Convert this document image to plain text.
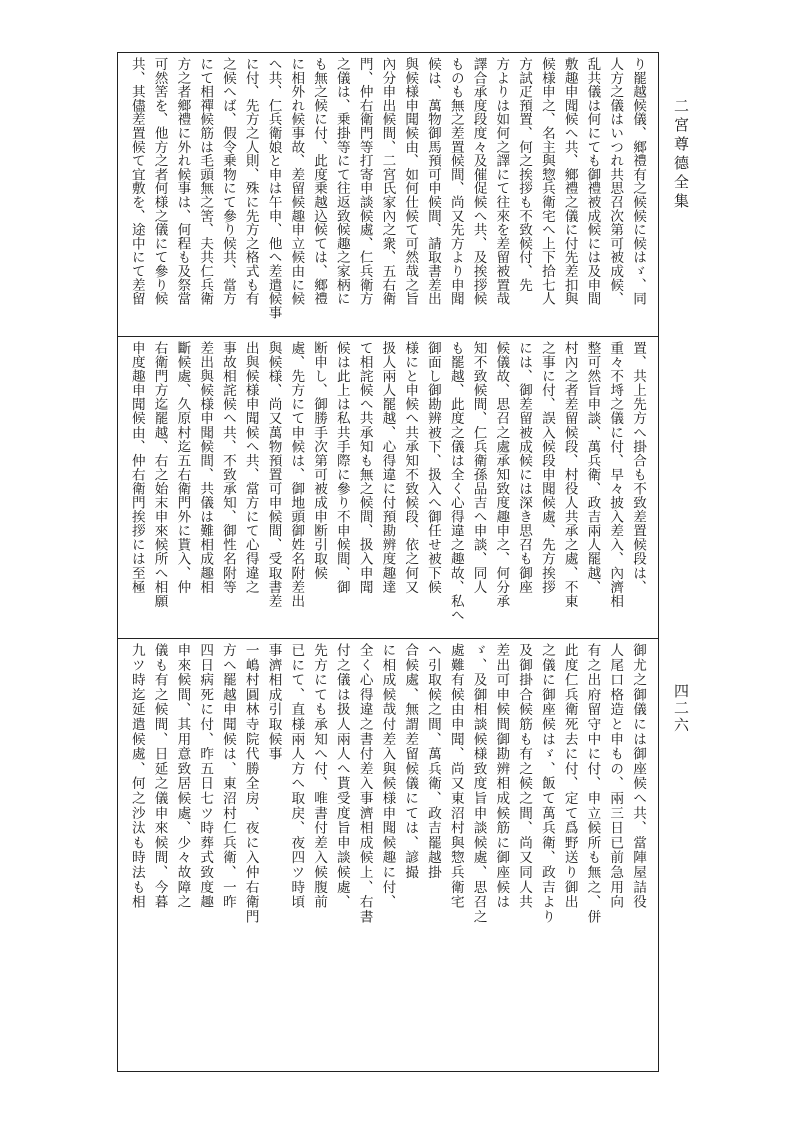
二宮尊德全集
四二六
り罷越候儀、鄉禮有之候候に候はゞ、同
人方之儀はいつれ共思召次第可被成候、
乱共儀は何にても御禮被成候には及申間
敷趣申聞候へ共、鄉禮之儀に付先差扣與
候様申之、名主與惣兵衛宅へ上下拾七人
方試疋預置、何之挨拶も不致候付、先
方よりは如何之譯にて往來を差留被置哉
譯合承度段度々及催促候へ共、及挨拶候
ものも無之差置候間、尚又先方より申聞
候は、萬物御馬預可申候間、請取書差出
與候様申聞候由、如何仕候て可然哉之旨
內分申出候間、二宮氏家內之衆、五右衛
門、仲右衛門等打寄申談候處、仁兵衛方
之儀は、乗掛等にて往返致候趣之家柄に
も無之候に付、此度乗越込候ては、鄉禮
に相外れ候事故、差留候趣申立候由に候
へ共、仁兵衛娘と申は午申、他へ差遣候事
に付、先方之人則、殊に先方之格式も有
之候へば、假令乗物にて參り候共、當方
にて相禪候筋は毛頭無之筈、夫共仁兵衛
方之者鄉禮に外れ候事は、何程も及祭當
可然筈を、他方之者何様之儀にて參り候
共、其儘差置候て宜敷を、途中にて差留
置、共上先方へ掛合も不致差置候段は、
重々不埓之儀に付、早々披入差入、內濟相
整可然旨申談、萬兵衛、政吉兩人罷越、
村內之者差留候段、村役人共承之處、不東
之事に付、誤入候段申聞候處、先方挨拶
には、御差留被成候には深き思召も御座
候儀故、思召之處承知致度趣申之、何分承
知不致候間、仁兵衛孫品吉へ申談、同人
も罷越、此度之儀は全く心得違之趣故、私へ
御面し御勘辨被下、扱入へ御任せ被下候
様にと申候へ共承知不致候段、依之何又
扱人兩人罷越、心得違に付預勘辨度趣達
て相詫候へ共承知も無之候間、扱入申聞
候は此上は私共手際に參り不申候間、御
断申し、御勝手次第可被成申断引取候
處、先方にて申候は、御地頭御姓名附差出
與候様、尚又萬物預置可申候間、受取書差
出與候様申聞候へ共、當方にて心得違之
事故相詫候へ共、不致承知、御性名附等
差出與候様申聞候間、共儀は難相成趣相
斷候處、久原村迄五右衛門外に貰入、仲
右衛門方迄罷越、右之始末申來候所へ相願
申度趣申聞候由、仲右衛門挨拶には至極
御尤之御儀には御座候へ共、當陣屋詰役
人尾口格造と申もの、兩三日已前急用向
有之出府留守中に付、申立候所も無之、併
此度仁兵衛死去に付、定て爲野送り御出
之儀に御座候はゞ、飯て萬兵衛、政吉より
及御掛合候筋も有之候之間、尚又同人共
差出可申候間御勘辨相成候筋に御座候は
ゞ、及御相談候様致度旨申談候處、思召之
處難有候由申聞、尚又東沼村與惣兵衛宅
へ引取候之間、萬兵衛、政吉罷越掛
合候處、無謂差留候儀にては、諺撮
に相成候哉付差入與候様申聞候趣に付、
全く心得違之書付差入事濟相成候上、右書
付之儀は扱人兩人へ貰受度旨申談候處、
先方にても承知へ付、唯書付差入候腹前
已にて、直様兩人方へ取戻、夜四ツ時頃
事濟相成引取候事
一嶋村圓林寺院代勝全房、夜に入仲右衛門
方へ罷越申聞候は、東沼村仁兵衛、一昨
四日病死に付、昨五日七ツ時葬式致度趣
申來候間、其用意致居候處、少々故障之
儀も有之候間、日延之儀申來候間、今暮
九ツ時迄延遣候處、何之沙汰も時法も相
